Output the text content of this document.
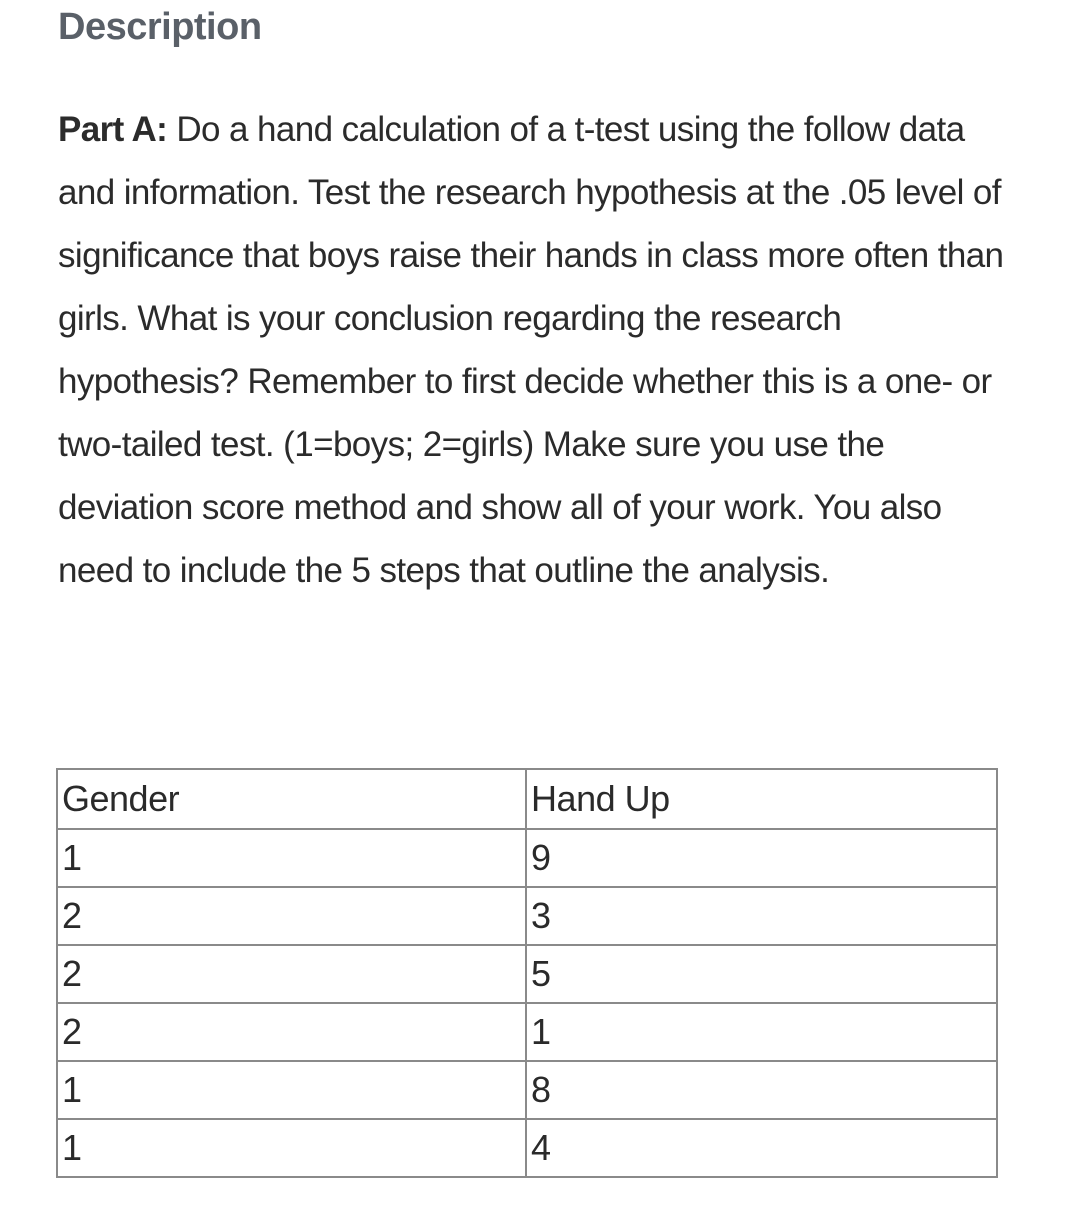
Description
Part A: Do a hand calculation of a t-test using the follow data and information. Test the research hypothesis at the .05 level of significance that boys raise their hands in class more often than girls. What is your conclusion regarding the research hypothesis? Remember to first decide whether this is a one- or two-tailed test. (1=boys; 2=girls) Make sure you use the deviation score method and show all of your work. You also need to include the 5 steps that outline the analysis.
Gender	Hand Up
1	9
2	3
2	5
2	1
1	8
1	4
